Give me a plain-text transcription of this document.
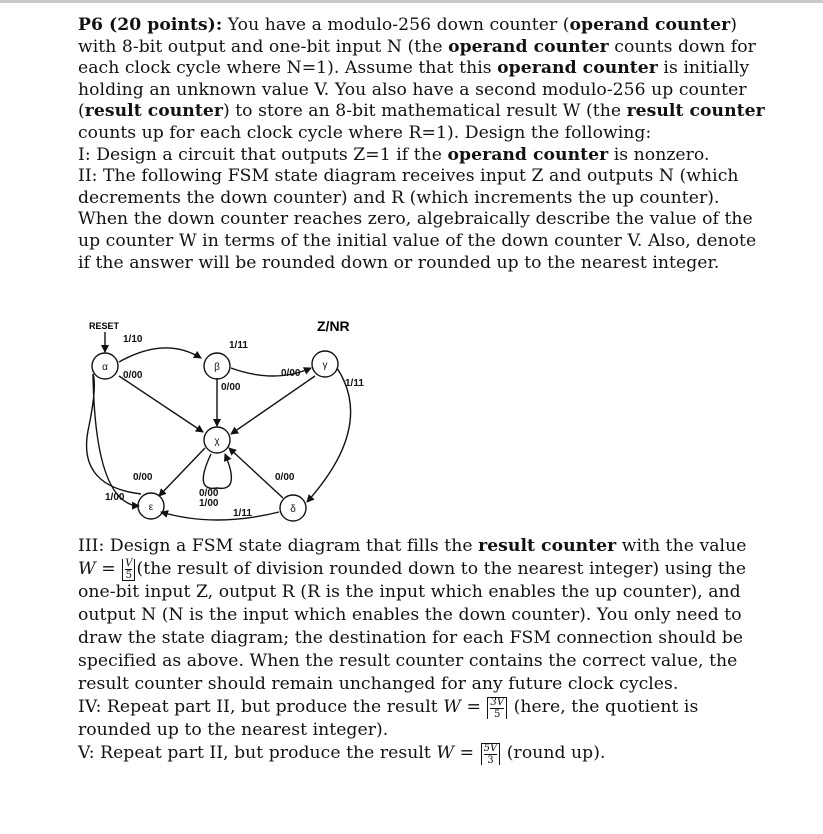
P6 (20 points): You have a modulo-256 down counter (operand counter) with 8-bit output and one-bit input N (the operand counter counts down for each clock cycle where N=1). Assume that this operand counter is initially holding an unknown value V. You also have a second modulo-256 up counter (result counter) to store an 8-bit mathematical result W (the result counter counts up for each clock cycle where R=1). Design the following:
I: Design a circuit that outputs Z=1 if the operand counter is nonzero.
II: The following FSM state diagram receives input Z and outputs N (which decrements the down counter) and R (which increments the up counter). When the down counter reaches zero, algebraically describe the value of the up counter W in terms of the initial value of the down counter V. Also, denote if the answer will be rounded down or rounded up to the nearest integer.
α	β	γ
χ
ε	δ
RESET	Z/NR
1/10
1/11
0/00
0/00
0/00
1/11
0/00
0/00
1/00
0/00
1/00
1/11
III: Design a FSM state diagram that fills the result counter with the value $W = \frac{V}{5} (the$ result of division rounded down to the nearest integer) using the one-bit input Z, output R (R is the input which enables the up counter), and output N (N is the input which enables the down counter). You only need to draw the state diagram; the destination for each FSM connection should be specified as above. When the result counter contains the correct value, the result counter should remain unchanged for any future clock cycles.
IV: Repeat part II, but produce the result $W = \frac{3V}{5}$ (here, the quotient is rounded up to the nearest integer).
V: Repeat part II, but produce the result $W = \frac{5V}{3}$ (round up).
